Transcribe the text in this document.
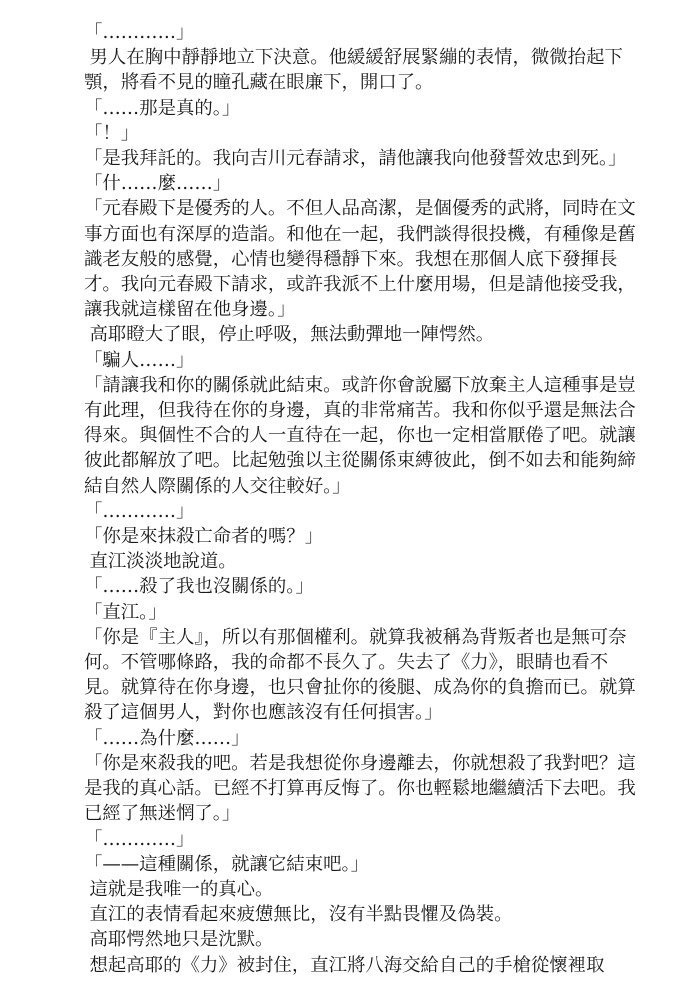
「…………」

男人在胸中靜靜地立下決意。他緩緩舒展緊繃的表情，微微抬起下顎，將看不見的瞳孔藏在眼廉下，開口了。

「……那是真的。」

「！」

「是我拜託的。我向吉川元春請求，請他讓我向他發誓效忠到死。」

「什……麼……」

「元春殿下是優秀的人。不但人品高潔，是個優秀的武將，同時在文事方面也有深厚的造詣。和他在一起，我們談得很投機，有種像是舊識老友般的感覺，心情也變得穩靜下來。我想在那個人底下發揮長才。我向元春殿下請求，或許我派不上什麼用場，但是請他接受我，讓我就這樣留在他身邊。」

高耶瞪大了眼，停止呼吸，無法動彈地一陣愕然。

「騙人……」

「請讓我和你的關係就此結束。或許你會說屬下放棄主人這種事是豈有此理，但我待在你的身邊，真的非常痛苦。我和你似乎還是無法合得來。與個性不合的人一直待在一起，你也一定相當厭倦了吧。就讓彼此都解放了吧。比起勉強以主從關係束縛彼此，倒不如去和能夠締結自然人際關係的人交往較好。」

「…………」

「你是來抹殺亡命者的嗎？」

直江淡淡地說道。

「……殺了我也沒關係的。」

「直江。」

「你是『主人』，所以有那個權利。就算我被稱為背叛者也是無可奈何。不管哪條路，我的命都不長久了。失去了《力》，眼睛也看不見。就算待在你身邊，也只會扯你的後腿、成為你的負擔而已。就算殺了這個男人，對你也應該沒有任何損害。」

「……為什麼……」

「你是來殺我的吧。若是我想從你身邊離去，你就想殺了我對吧？這是我的真心話。已經不打算再反悔了。你也輕鬆地繼續活下去吧。我已經了無迷惘了。」

「…………」

「——這種關係，就讓它結束吧。」

這就是我唯一的真心。

直江的表情看起來疲憊無比，沒有半點畏懼及偽裝。

高耶愕然地只是沈默。

想起高耶的《力》被封住，直江將八海交給自己的手槍從懷裡取
